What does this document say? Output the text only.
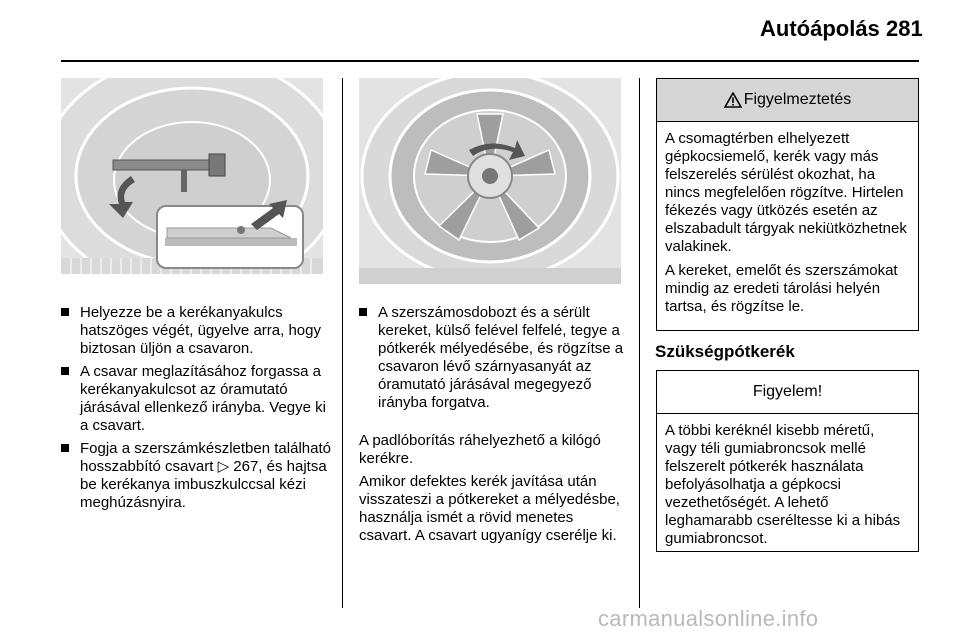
Autóápolás 281
Helyezze be a kerékanyakulcs hatszöges végét, ügyelve arra, hogy biztosan üljön a csavaron.
A csavar meglazításához forgassa a kerékanyakulcsot az óramutató járásával ellenkező irányba. Vegye ki a csavart.
Fogja a szerszámkészletben található hosszabbító csavart ▷ 267, és hajtsa be kerékanya imbuszkulccsal kézi meghúzásnyira.
A szerszámosdobozt és a sérült kereket, külső felével felfelé, tegye a pótkerék mélyedésébe, és rögzítse a csavaron lévő szárnyasanyát az óramutató járásával megegyező irányba forgatva.

A padlóborítás ráhelyezhető a kilógó kerékre.

Amikor defektes kerék javítása után visszateszi a pótkereket a mélyedésbe, használja ismét a rövid menetes csavart. A csavart ugyanígy cserélje ki.

Figyelmeztetés

A csomagtérben elhelyezett gépkocsiemelő, kerék vagy más felszerelés sérülést okozhat, ha nincs megfelelően rögzítve. Hirtelen fékezés vagy ütközés esetén az elszabadult tárgyak nekiütközhetnek valakinek.

A kereket, emelőt és szerszámokat mindig az eredeti tárolási helyén tartsa, és rögzítse le.

Szükségpótkerék
Figyelem!

A többi keréknél kisebb méretű, vagy téli gumiabroncsok mellé felszerelt pótkerék használata befolyásolhatja a gépkocsi vezethetőségét. A lehető leghamarabb cseréltesse ki a hibás gumiabroncsot.

carmanualsonline.info
